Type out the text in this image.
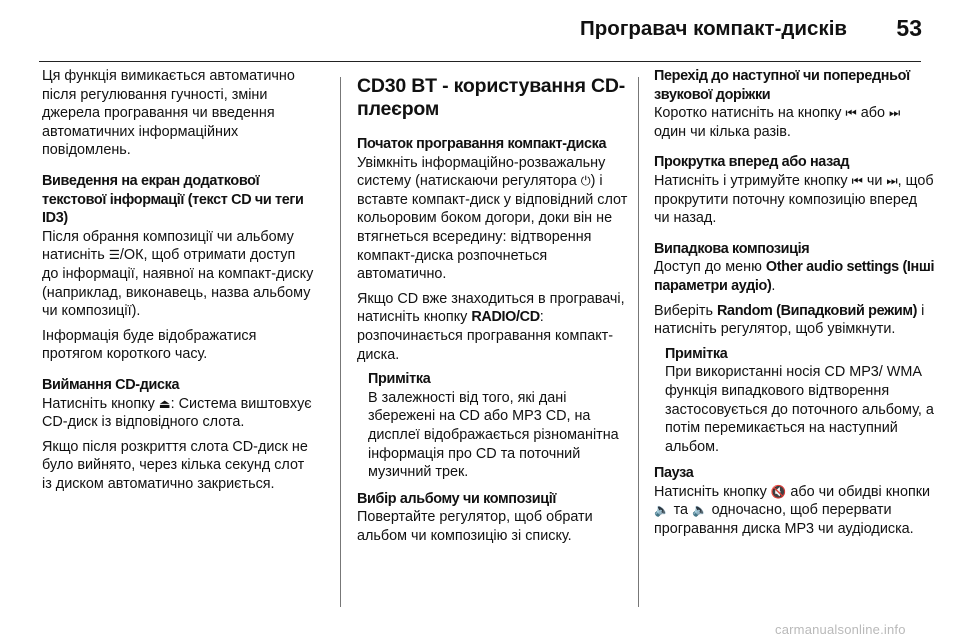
Програвач компакт-дисків 53

Ця функція вимикається автоматично після регулювання гучності, зміни джерела програвання чи введення автоматичних інформаційних повідомлень.

Виведення на екран додаткової текстової інформації (текст CD чи теги ID3)

Після обрання композиції чи альбому натисніть ☰/ОК, щоб отримати доступ до інформації, наявної на компакт-диску (наприклад, виконавець, назва альбому чи композиції).

Інформація буде відображатися протягом короткого часу.

Виймання CD-диска

Натисніть кнопку ⏏: Система виштовхує CD-диск із відповідного слота.

Якщо після розкриття слота CD-диск не було вийнято, через кілька секунд слот із диском автоматично закриється.

CD30 BT - користування CD-плеєром

Початок програвання компакт-диска

Увімкніть інформаційно-розважальну систему (натискаючи регулятора ⏻) і вставте компакт-диск у відповідний слот кольоровим боком догори, доки він не втягнеться всередину: відтворення компакт-диска розпочнеться автоматично.

Якщо CD вже знаходиться в програвачі, натисніть кнопку RADIO/CD: розпочинається програвання компакт-диска.

Примітка

В залежності від того, які дані збережені на CD або MP3 CD, на дисплеї відображається різноманітна інформація про CD та поточний музичний трек.

Вибір альбому чи композиції

Повертайте регулятор, щоб обрати альбом чи композицію зі списку.

Перехід до наступної чи попередньої звукової доріжки

Коротко натисніть на кнопку ⏮ або ⏭ один чи кілька разів.

Прокрутка вперед або назад

Натисніть і утримуйте кнопку ⏮ чи ⏭, щоб прокрутити поточну композицію вперед чи назад.

Випадкова композиція

Доступ до меню Other audio settings (Інші параметри аудіо).

Виберіть Random (Випадковий режим) і натисніть регулятор, щоб увімкнути.

Примітка

При використанні носія CD MP3/ WMA функція випадкового відтворення застосовується до поточного альбому, а потім перемикається на наступний альбом.

Пауза

Натисніть кнопку 🔇 або чи обидві кнопки 🔈 та 🔈 одночасно, щоб перервати програвання диска MP3 чи аудіодиска.

carmanualsonline.info
